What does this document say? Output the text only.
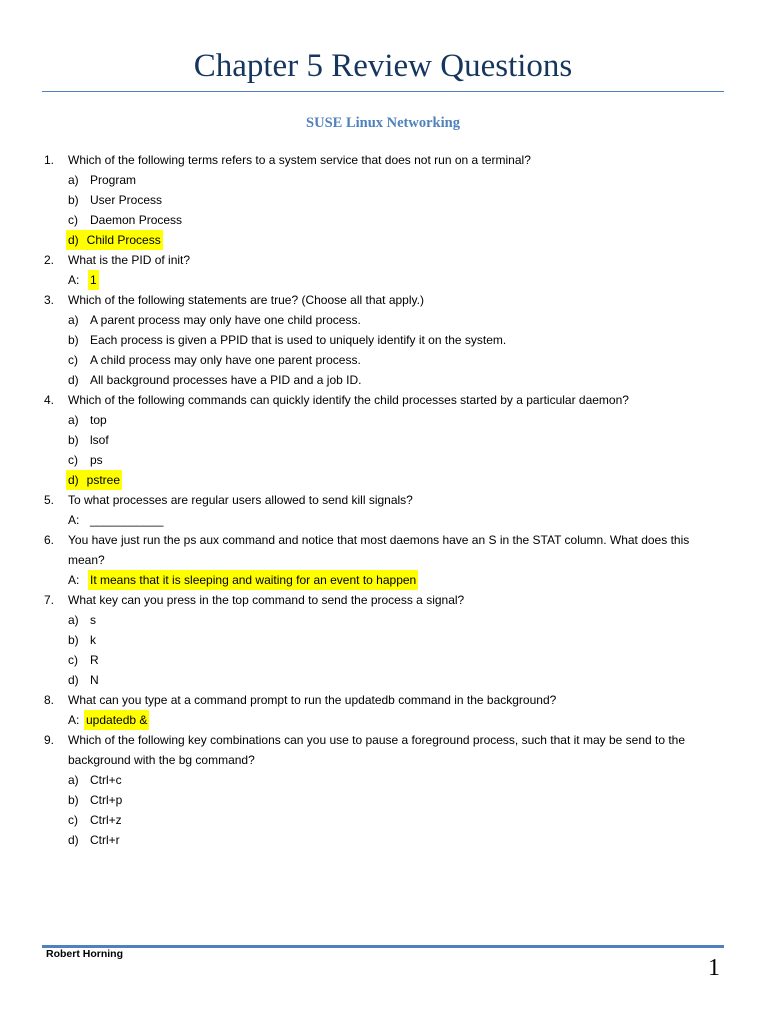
Chapter 5 Review Questions
SUSE Linux Networking
1. Which of the following terms refers to a system service that does not run on a terminal?
a) Program
b) User Process
c) Daemon Process
d) Child Process
2. What is the PID of init?
A: 1
3. Which of the following statements are true? (Choose all that apply.)
a) A parent process may only have one child process.
b) Each process is given a PPID that is used to uniquely identify it on the system.
c) A child process may only have one parent process.
d) All background processes have a PID and a job ID.
4. Which of the following commands can quickly identify the child processes started by a particular daemon?
a) top
b) lsof
c) ps
d) pstree
5. To what processes are regular users allowed to send kill signals?
A: ___________
6. You have just run the ps aux command and notice that most daemons have an S in the STAT column. What does this mean?
A: It means that it is sleeping and waiting for an event to happen
7. What key can you press in the top command to send the process a signal?
a) s
b) k
c) R
d) N
8. What can you type at a command prompt to run the updatedb command in the background?
A: updatedb &
9. Which of the following key combinations can you use to pause a foreground process, such that it may be send to the background with the bg command?
a) Ctrl+c
b) Ctrl+p
c) Ctrl+z
d) Ctrl+r
Robert Horning
1
